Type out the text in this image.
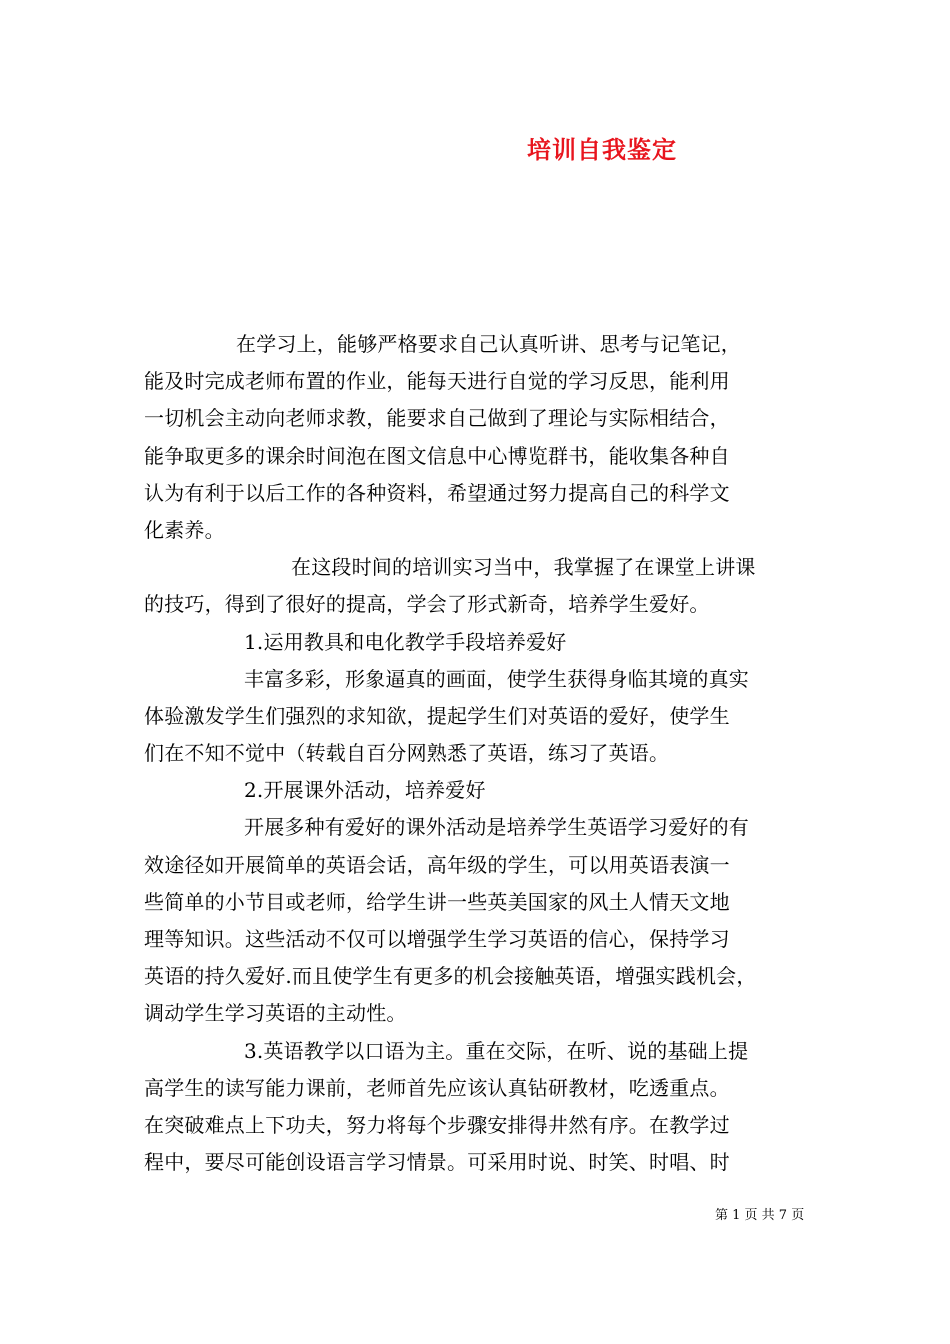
培训自我鉴定
在学习上，能够严格要求自己认真听讲、思考与记笔记，
能及时完成老师布置的作业，能每天进行自觉的学习反思，能利用
一切机会主动向老师求教，能要求自己做到了理论与实际相结合，
能争取更多的课余时间泡在图文信息中心博览群书，能收集各种自
认为有利于以后工作的各种资料，希望通过努力提高自己的科学文
化素养。
在这段时间的培训实习当中，我掌握了在课堂上讲课
的技巧，得到了很好的提高，学会了形式新奇，培养学生爱好。
1.运用教具和电化教学手段培养爱好
丰富多彩，形象逼真的画面，使学生获得身临其境的真实
体验激发学生们强烈的求知欲，提起学生们对英语的爱好，使学生
们在不知不觉中（转载自百分网熟悉了英语，练习了英语。
2.开展课外活动，培养爱好
开展多种有爱好的课外活动是培养学生英语学习爱好的有
效途径如开展简单的英语会话，高年级的学生，可以用英语表演一
些简单的小节目或老师，给学生讲一些英美国家的风土人情天文地
理等知识。这些活动不仅可以增强学生学习英语的信心，保持学习
英语的持久爱好.而且使学生有更多的机会接触英语，增强实践机会，
调动学生学习英语的主动性。
3.英语教学以口语为主。重在交际，在听、说的基础上提
高学生的读写能力课前，老师首先应该认真钻研教材，吃透重点。
在突破难点上下功夫，努力将每个步骤安排得井然有序。在教学过
程中，要尽可能创设语言学习情景。可采用时说、时笑、时唱、时
第 1 页 共 7 页
